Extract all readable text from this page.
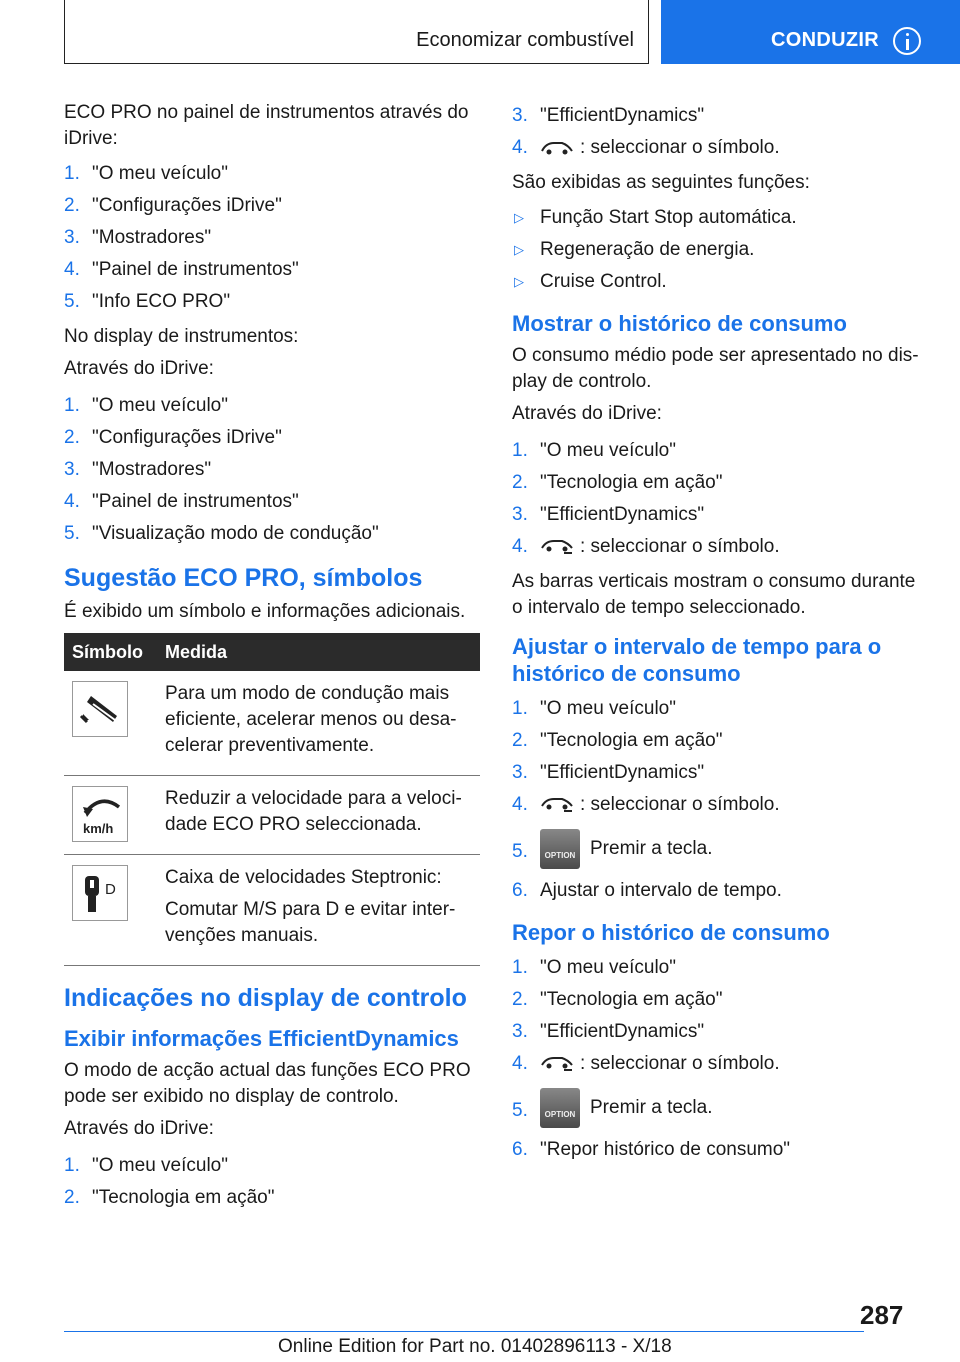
Economizar combustível	CONDUZIR

ECO PRO no painel de instrumentos através do iDrive:

1. "O meu veículo"
2. "Configurações iDrive"
3. "Mostradores"
4. "Painel de instrumentos"
5. "Info ECO PRO"

No display de instrumentos:

Através do iDrive:

1. "O meu veículo"
2. "Configurações iDrive"
3. "Mostradores"
4. "Painel de instrumentos"
5. "Visualização modo de condução"
Sugestão ECO PRO, símbolos

É exibido um símbolo e informações adicionais.

Símbolo	Medida

Para um modo de condução mais eficiente, acelerar menos ou desa-celerar preventivamente.

km/h	Reduzir a velocidade para a veloci-dade ECO PRO seleccionada.

D	Caixa de velocidades Steptronic:

Comutar M/S para D e evitar inter-venções manuais.

Indicações no display de controlo
Exibir informações EfficientDynamics

O modo de acção actual das funções ECO PRO pode ser exibido no display de controlo.

Através do iDrive:

1. "O meu veículo"
2. "Tecnologia em ação"
3. "EfficientDynamics"
4.	: seleccionar o símbolo.

São exibidas as seguintes funções:

▷ Função Start Stop automática.
▷ Regeneração de energia.
▷ Cruise Control.
Mostrar o histórico de consumo

O consumo médio pode ser apresentado no dis-play de controlo.

Através do iDrive:

1. "O meu veículo"
2. "Tecnologia em ação"
3. "EfficientDynamics"
4.	: seleccionar o símbolo.

As barras verticais mostram o consumo durante o intervalo de tempo seleccionado.

Ajustar o intervalo de tempo para o histórico de consumo
1. "O meu veículo"
2. "Tecnologia em ação"
3. "EfficientDynamics"
4.	: seleccionar o símbolo.
5.	OPTION Premir a tecla.
6. Ajustar o intervalo de tempo.
Repor o histórico de consumo
1. "O meu veículo"
2. "Tecnologia em ação"
3. "EfficientDynamics"
4.	: seleccionar o símbolo.
5.	OPTION Premir a tecla.
6. "Repor histórico de consumo"
287
Online Edition for Part no. 01402896113 - X/18
